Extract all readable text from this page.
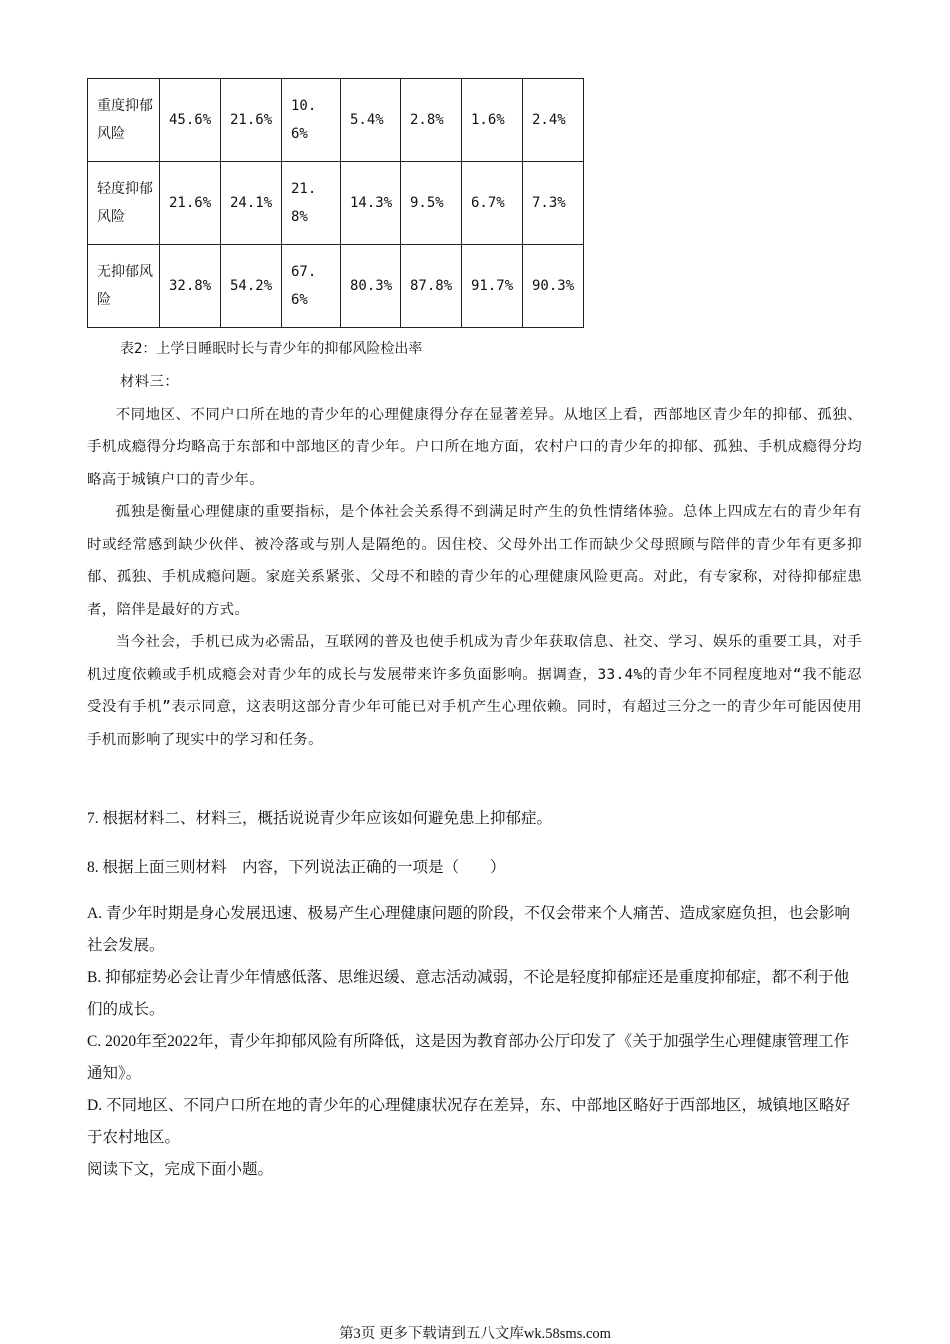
重度抑郁风险	45.6%	21.6%	10.6%	5.4%	2.8%	1.6%	2.4%

轻度抑郁风险	21.6%	24.1%	21.8%	14.3%	9.5%	6.7%	7.3%

无抑郁风险	32.8%	54.2%	67.6%	80.3%	87.8%	91.7%	90.3%
表2：上学日睡眠时长与青少年的抑郁风险检出率

材料三：

不同地区、不同户口所在地的青少年的心理健康得分存在显著差异。从地区上看，西部地区青少年的抑郁、孤独、手机成瘾得分均略高于东部和中部地区的青少年。户口所在地方面，农村户口的青少年的抑郁、孤独、手机成瘾得分均略高于城镇户口的青少年。

孤独是衡量心理健康的重要指标，是个体社会关系得不到满足时产生的负性情绪体验。总体上四成左右的青少年有时或经常感到缺少伙伴、被冷落或与别人是隔绝的。因住校、父母外出工作而缺少父母照顾与陪伴的青少年有更多抑郁、孤独、手机成瘾问题。家庭关系紧张、父母不和睦的青少年的心理健康风险更高。对此，有专家称，对待抑郁症患者，陪伴是最好的方式。

当今社会，手机已成为必需品，互联网的普及也使手机成为青少年获取信息、社交、学习、娱乐的重要工具，对手机过度依赖或手机成瘾会对青少年的成长与发展带来许多负面影响。据调查，33.4%的青少年不同程度地对“我不能忍受没有手机”表示同意，这表明这部分青少年可能已对手机产生心理依赖。同时，有超过三分之一的青少年可能因使用手机而影响了现实中的学习和任务。

7. 根据材料二、材料三，概括说说青少年应该如何避免患上抑郁症。

8. 根据上面三则材料　内容，下列说法正确的一项是（　　）

A. 青少年时期是身心发展迅速、极易产生心理健康问题的阶段，不仅会带来个人痛苦、造成家庭负担，也会影响社会发展。
B. 抑郁症势必会让青少年情感低落、思维迟缓、意志活动减弱，不论是轻度抑郁症还是重度抑郁症，都不利于他们的成长。
C. 2020年至2022年，青少年抑郁风险有所降低，这是因为教育部办公厅印发了《关于加强学生心理健康管理工作　通知》。
D. 不同地区、不同户口所在地的青少年的心理健康状况存在差异，东、中部地区略好于西部地区，城镇地区略好于农村地区。
阅读下文，完成下面小题。
第3页 更多下载请到五八文库wk.58sms.com
